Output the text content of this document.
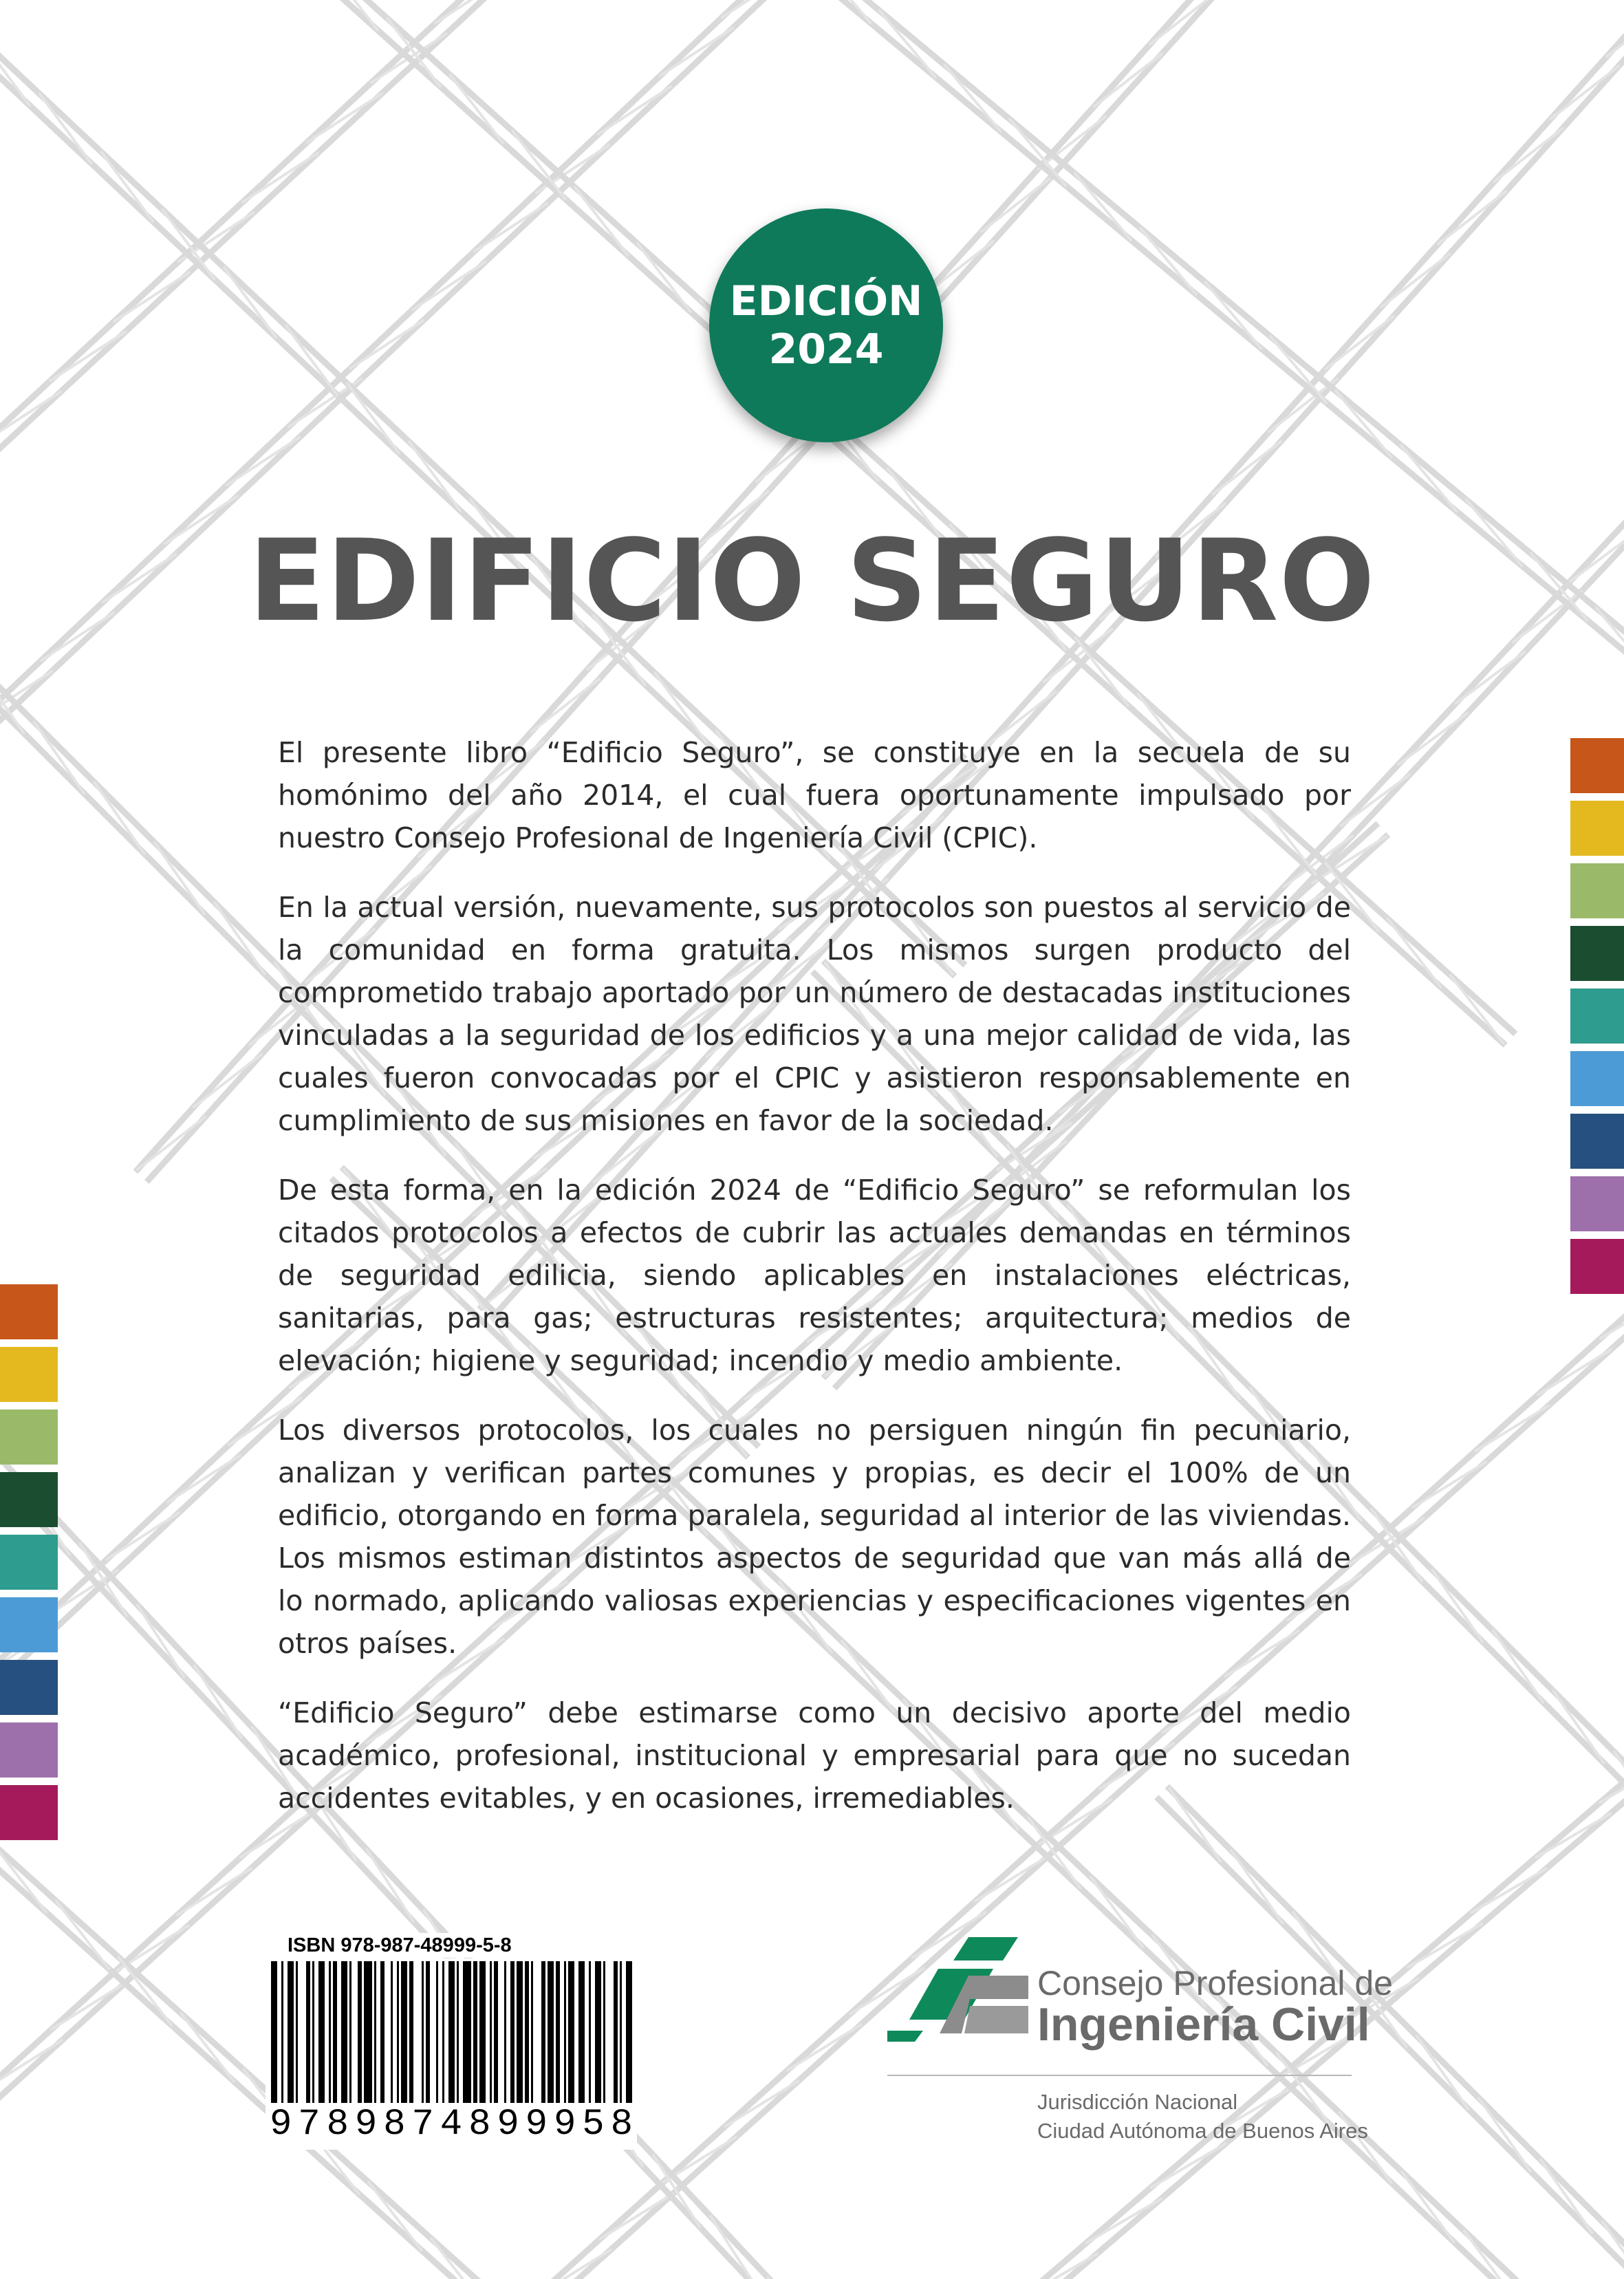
EDICIÓN
2024
EDIFICIO SEGURO

El presente libro “Edificio Seguro”, se constituye en la secuela de su homónimo del año 2014, el cual fuera oportunamente impulsado por nuestro Consejo Profesional de Ingeniería Civil (CPIC).

En la actual versión, nuevamente, sus protocolos son puestos al servicio de la comunidad en forma gratuita. Los mismos surgen producto del comprometido trabajo aportado por un número de destacadas instituciones vinculadas a la seguridad de los edificios y a una mejor calidad de vida, las cuales fueron convocadas por el CPIC y asistieron responsablemente en cumplimiento de sus misiones en favor de la sociedad.

De esta forma, en la edición 2024 de “Edificio Seguro” se reformulan los citados protocolos a efectos de cubrir las actuales demandas en términos de seguridad edilicia, siendo aplicables en instalaciones eléctricas, sanitarias, para gas; estructuras resistentes; arquitectura; medios de elevación; higiene y seguridad; incendio y medio ambiente.

Los diversos protocolos, los cuales no persiguen ningún fin pecuniario, analizan y verifican partes comunes y propias, es decir el 100% de un edificio, otorgando en forma paralela, seguridad al interior de las viviendas. Los mismos estiman distintos aspectos de seguridad que van más allá de lo normado, aplicando valiosas experiencias y especificaciones vigentes en otros países.

“Edificio Seguro” debe estimarse como un decisivo aporte del medio académico, profesional, institucional y empresarial para que no sucedan accidentes evitables, y en ocasiones, irremediables.

ISBN 978-987-48999-5-8
9 7 8 9 8 7 4 8 9 9 9 5 8
Consejo Profesional de
Ingeniería Civil
Jurisdicción Nacional
Ciudad Autónoma de Buenos Aires
